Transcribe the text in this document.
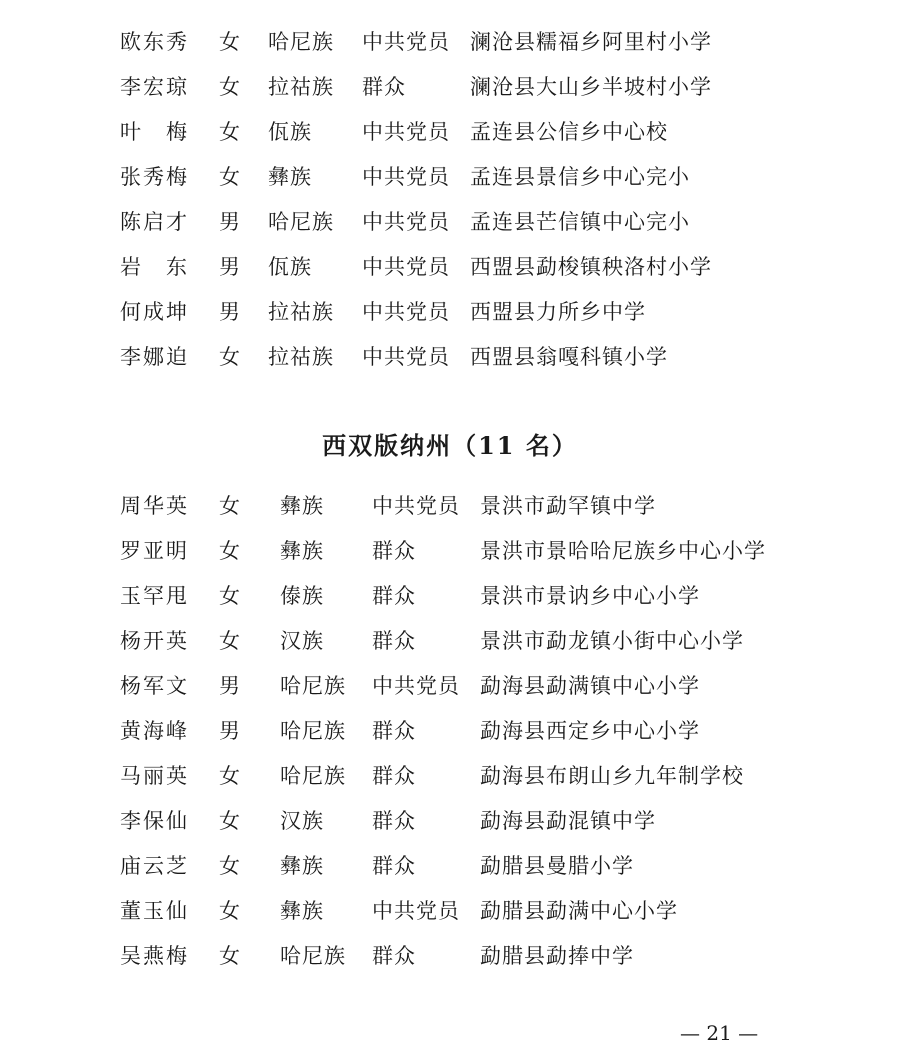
欧东秀 女 哈尼族 中共党员 澜沧县糯福乡阿里村小学
李宏琼 女 拉祜族 群众	澜沧县大山乡半坡村小学
叶　梅 女 佤族 中共党员 孟连县公信乡中心校
张秀梅 女 彝族 中共党员 孟连县景信乡中心完小
陈启才 男 哈尼族 中共党员 孟连县芒信镇中心完小
岩　东 男 佤族 中共党员 西盟县勐梭镇秧洛村小学
何成坤 男 拉祜族 中共党员 西盟县力所乡中学
李娜迫 女 拉祜族 中共党员 西盟县翁嘎科镇小学
西双版纳州（11 名）
周华英 女 彝族 中共党员 景洪市勐罕镇中学
罗亚明 女 彝族 群众	景洪市景哈哈尼族乡中心小学
玉罕甩 女 傣族 群众	景洪市景讷乡中心小学
杨开英 女 汉族 群众	景洪市勐龙镇小街中心小学
杨军文 男 哈尼族 中共党员 勐海县勐满镇中心小学
黄海峰 男 哈尼族 群众	勐海县西定乡中心小学
马丽英 女 哈尼族 群众	勐海县布朗山乡九年制学校
李保仙 女 汉族 群众	勐海县勐混镇中学
庙云芝 女 彝族 群众	勐腊县曼腊小学
董玉仙 女 彝族 中共党员 勐腊县勐满中心小学
吴燕梅 女 哈尼族 群众	勐腊县勐捧中学
— 21 —
